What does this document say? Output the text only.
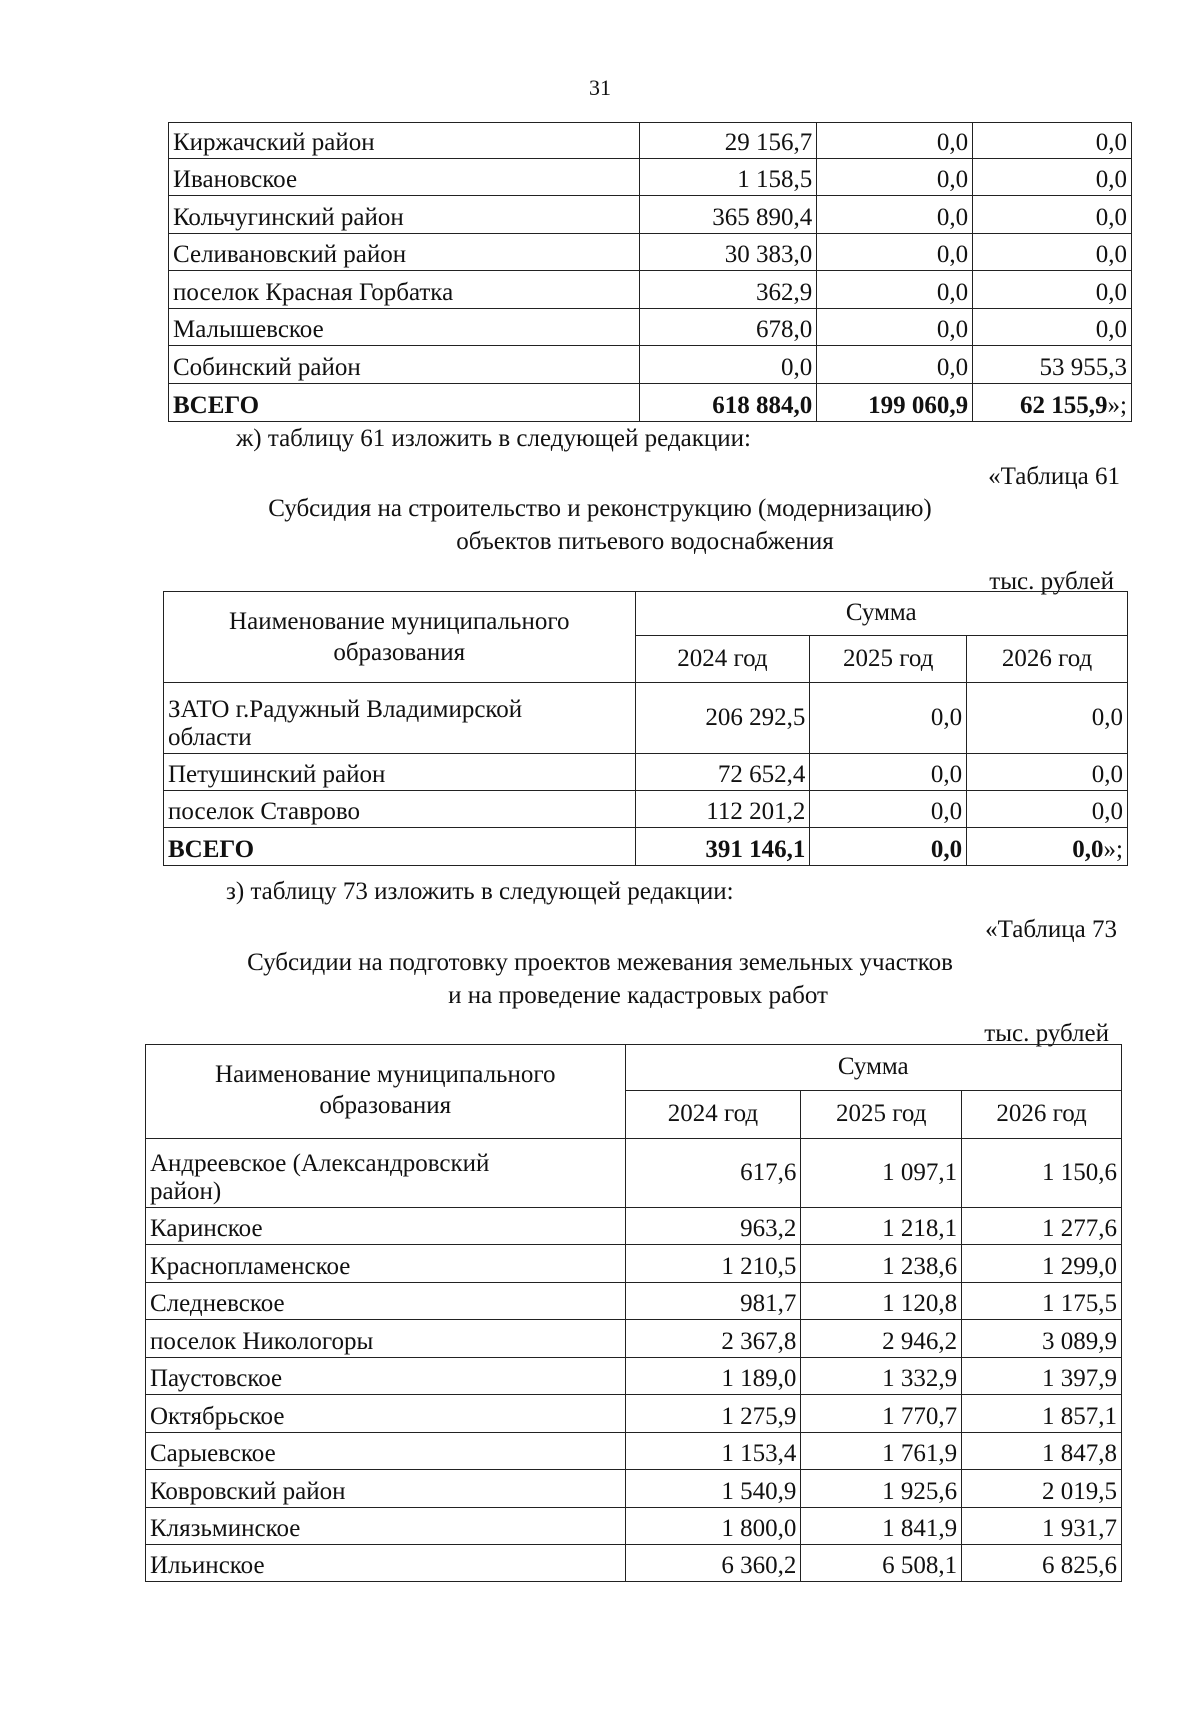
31
Киржачский район	29 156,7	0,0	0,0
Ивановское	1 158,5	0,0	0,0
Кольчугинский район	365 890,4	0,0	0,0
Селивановский район	30 383,0	0,0	0,0
поселок Красная Горбатка	362,9	0,0	0,0
Малышевское	678,0	0,0	0,0
Собинский район	0,0	0,0	53 955,3
ВСЕГО	618 884,0	199 060,9	62 155,9»;
ж) таблицу 61 изложить в следующей редакции:
«Таблица 61
Субсидия на строительство и реконструкцию (модернизацию)
объектов питьевого водоснабжения
тыс. рублей
Наименование муниципального
образования	Сумма		
	2024 год	2025 год	2026 год

ЗАТО г.Радужный Владимирской
области	206 292,5	0,0	0,0
Петушинский район	72 652,4	0,0	0,0
поселок Ставрово	112 201,2	0,0	0,0
ВСЕГО	391 146,1	0,0	0,0»;
з) таблицу 73 изложить в следующей редакции:
«Таблица 73
Субсидии на подготовку проектов межевания земельных участков
и на проведение кадастровых работ
тыс. рублей
Наименование муниципального
образования	Сумма		
	2024 год	2025 год	2026 год

Андреевское (Александровский
район)	617,6	1 097,1	1 150,6
Каринское	963,2	1 218,1	1 277,6
Краснопламенское	1 210,5	1 238,6	1 299,0
Следневское	981,7	1 120,8	1 175,5
поселок Никологоры	2 367,8	2 946,2	3 089,9
Паустовское	1 189,0	1 332,9	1 397,9
Октябрьское	1 275,9	1 770,7	1 857,1
Сарыевское	1 153,4	1 761,9	1 847,8
Ковровский район	1 540,9	1 925,6	2 019,5
Клязьминское	1 800,0	1 841,9	1 931,7
Ильинское	6 360,2	6 508,1	6 825,6
